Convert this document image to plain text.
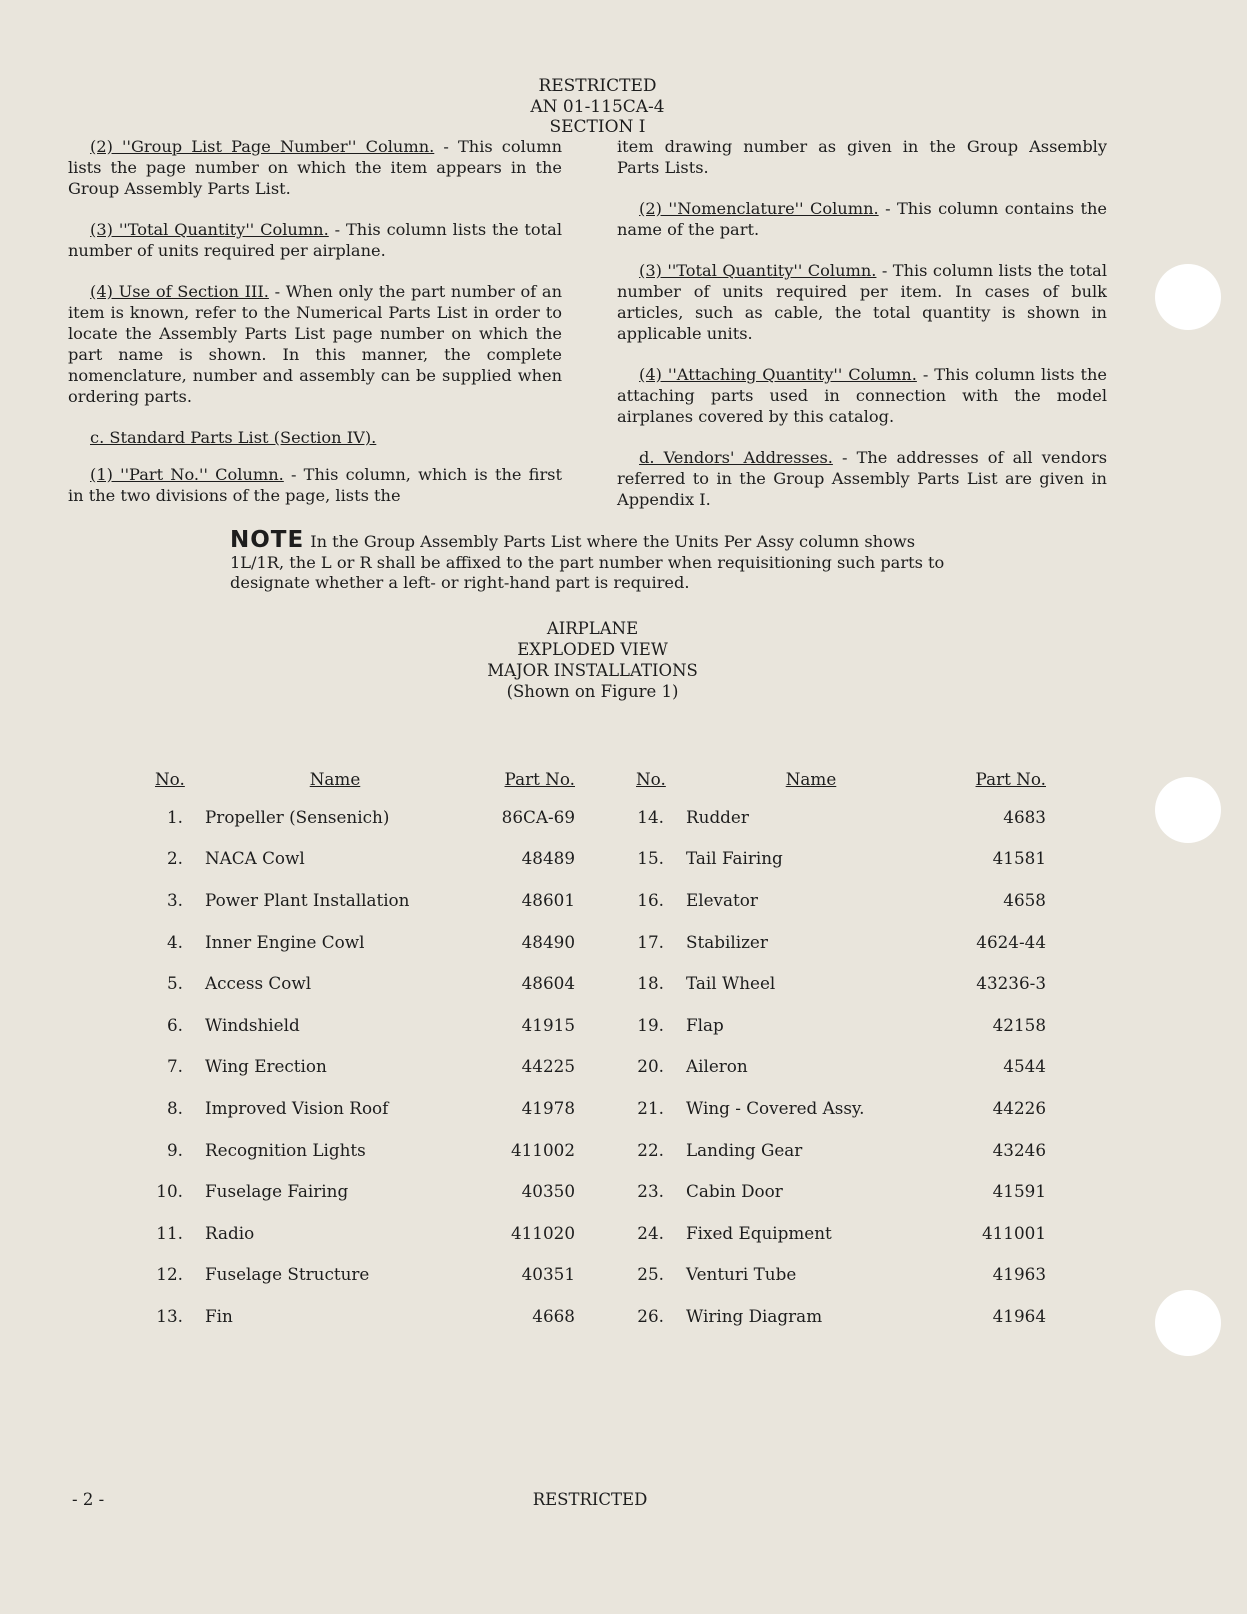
RESTRICTED
AN 01-115CA-4
SECTION I

(2) ''Group List Page Number'' Column. - This column lists the page number on which the item appears in the Group Assembly Parts List.

(3) ''Total Quantity'' Column. - This column lists the total number of units required per airplane.

(4) Use of Section III. - When only the part number of an item is known, refer to the Numerical Parts List in order to locate the Assembly Parts List page number on which the part name is shown. In this manner, the complete nomenclature, number and assembly can be supplied when ordering parts.

c. Standard Parts List (Section IV).

(1) ''Part No.'' Column. - This column, which is the first in the two divisions of the page, lists the

item drawing number as given in the Group Assembly Parts Lists.

(2) ''Nomenclature'' Column. - This column contains the name of the part.

(3) ''Total Quantity'' Column. - This column lists the total number of units required per item. In cases of bulk articles, such as cable, the total quantity is shown in applicable units.

(4) ''Attaching Quantity'' Column. - This column lists the attaching parts used in connection with the model airplanes covered by this catalog.

d. Vendors' Addresses. - The addresses of all vendors referred to in the Group Assembly Parts List are given in Appendix I.

NOTE In the Group Assembly Parts List where the Units Per Assy column shows 1L/1R, the L or R shall be affixed to the part number when requisitioning such parts to designate whether a left- or right-hand part is required.
AIRPLANE
EXPLODED VIEW
MAJOR INSTALLATIONS
(Shown on Figure 1)
No.	Name	Part No.
1.	Propeller (Sensenich)	86CA-69
2.	NACA Cowl	48489
3.	Power Plant Installation	48601
4.	Inner Engine Cowl	48490
5.	Access Cowl	48604
6.	Windshield	41915
7.	Wing Erection	44225
8.	Improved Vision Roof	41978
9.	Recognition Lights	411002
10.	Fuselage Fairing	40350
11.	Radio	411020
12.	Fuselage Structure	40351
13.	Fin	4668
No.	Name	Part No.
14.	Rudder	4683
15.	Tail Fairing	41581
16.	Elevator	4658
17.	Stabilizer	4624-44
18.	Tail Wheel	43236-3
19.	Flap	42158
20.	Aileron	4544
21.	Wing - Covered Assy.	44226
22.	Landing Gear	43246
23.	Cabin Door	41591
24.	Fixed Equipment	411001
25.	Venturi Tube	41963
26.	Wiring Diagram	41964
- 2 -	RESTRICTED
